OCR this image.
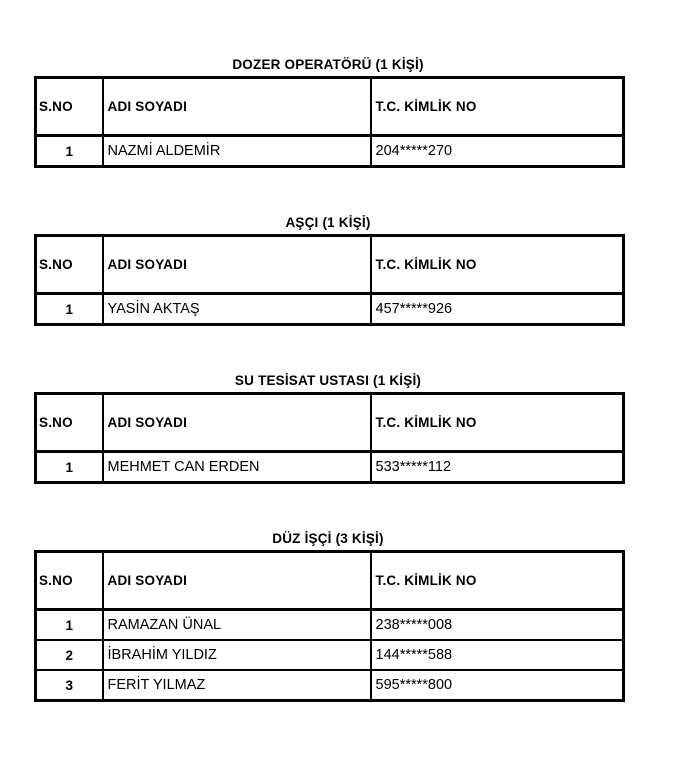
DOZER OPERATÖRÜ (1 KİŞİ)
S.NO	ADI SOYADI	T.C. KİMLİK NO
1	NAZMİ ALDEMİR	204*****270
AŞÇI (1 KİŞİ)
S.NO	ADI SOYADI	T.C. KİMLİK NO
1	YASİN AKTAŞ	457*****926
SU TESİSAT USTASI (1 KİŞİ)
S.NO	ADI SOYADI	T.C. KİMLİK NO
1	MEHMET CAN ERDEN	533*****112
DÜZ İŞÇİ (3 KİŞİ)
S.NO	ADI SOYADI	T.C. KİMLİK NO
1	RAMAZAN ÜNAL	238*****008
2	İBRAHİM YILDIZ	144*****588
3	FERİT YILMAZ	595*****800
